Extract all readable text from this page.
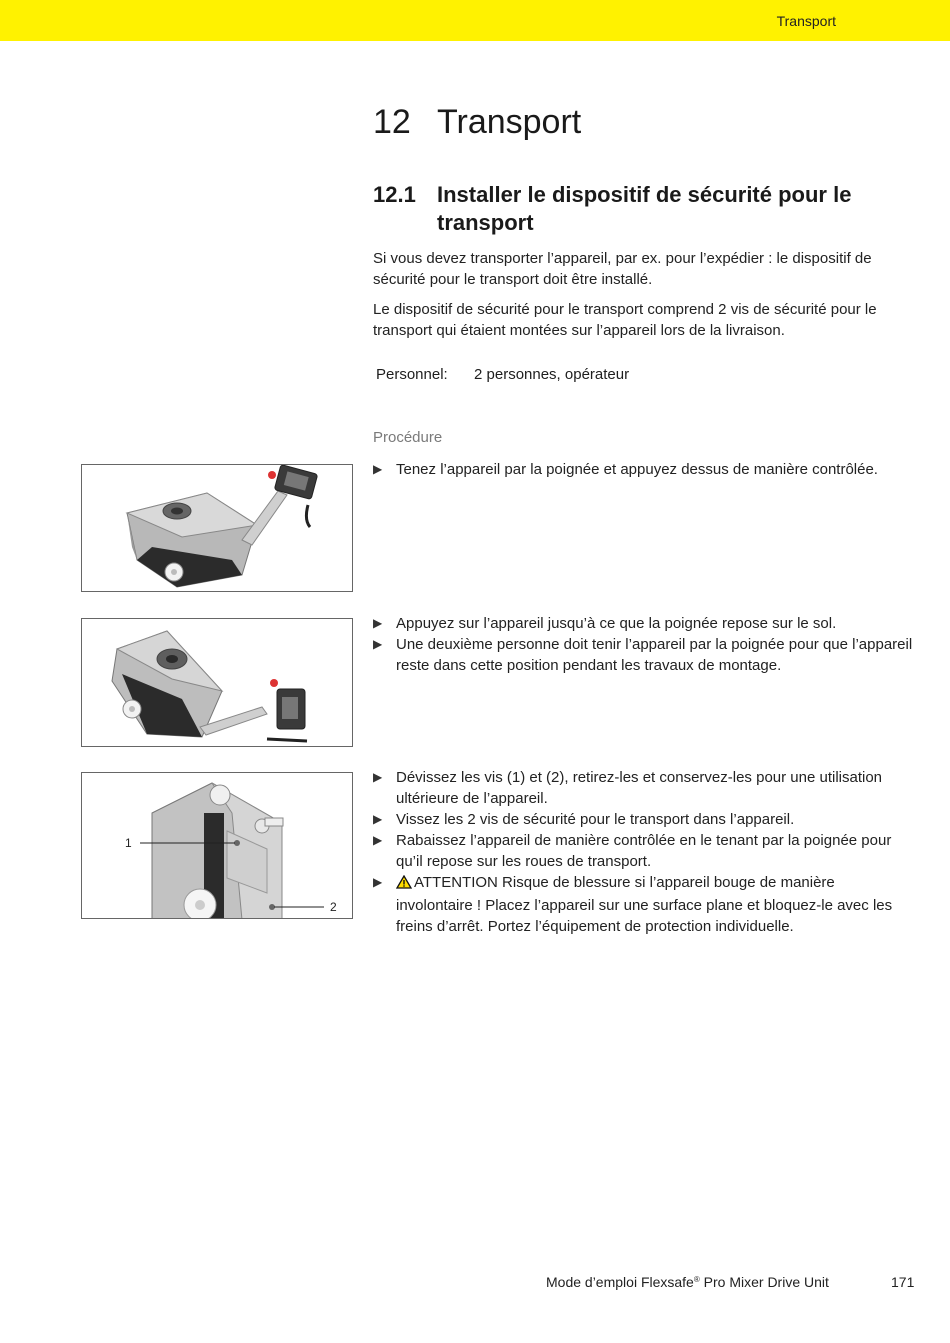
Transport
12 Transport
12.1 Installer le dispositif de sécurité pour le transport

Si vous devez transporter l’appareil, par ex. pour l’expédier : le dispositif de sécurité pour le transport doit être installé.

Le dispositif de sécurité pour le transport comprend 2 vis de sécurité pour le transport qui étaient montées sur l’appareil lors de la livraison.

Personnel: 2 personnes, opérateur
Procédure
1
2
▶ Tenez l’appareil par la poignée et appuyez dessus de manière contrôlée.
▶ Appuyez sur l’appareil jusqu’à ce que la poignée repose sur le sol.
▶ Une deuxième personne doit tenir l’appareil par la poignée pour que l’appareil reste dans cette position pendant les travaux de montage.
▶ Dévissez les vis (1) et (2), retirez-les et conservez-les pour une utilisation ultérieure de l’appareil.
▶ Vissez les 2 vis de sécurité pour le transport dans l’appareil.
▶ Rabaissez l’appareil de manière contrôlée en le tenant par la poignée pour qu’il repose sur les roues de transport.
▶ ATTENTION Risque de blessure si l’appareil bouge de manière involontaire ! Placez l’appareil sur une surface plane et bloquez-le avec les freins d’arrêt. Portez l’équipement de protection individuelle.
Mode d’emploi Flexsafe® Pro Mixer Drive Unit	171
